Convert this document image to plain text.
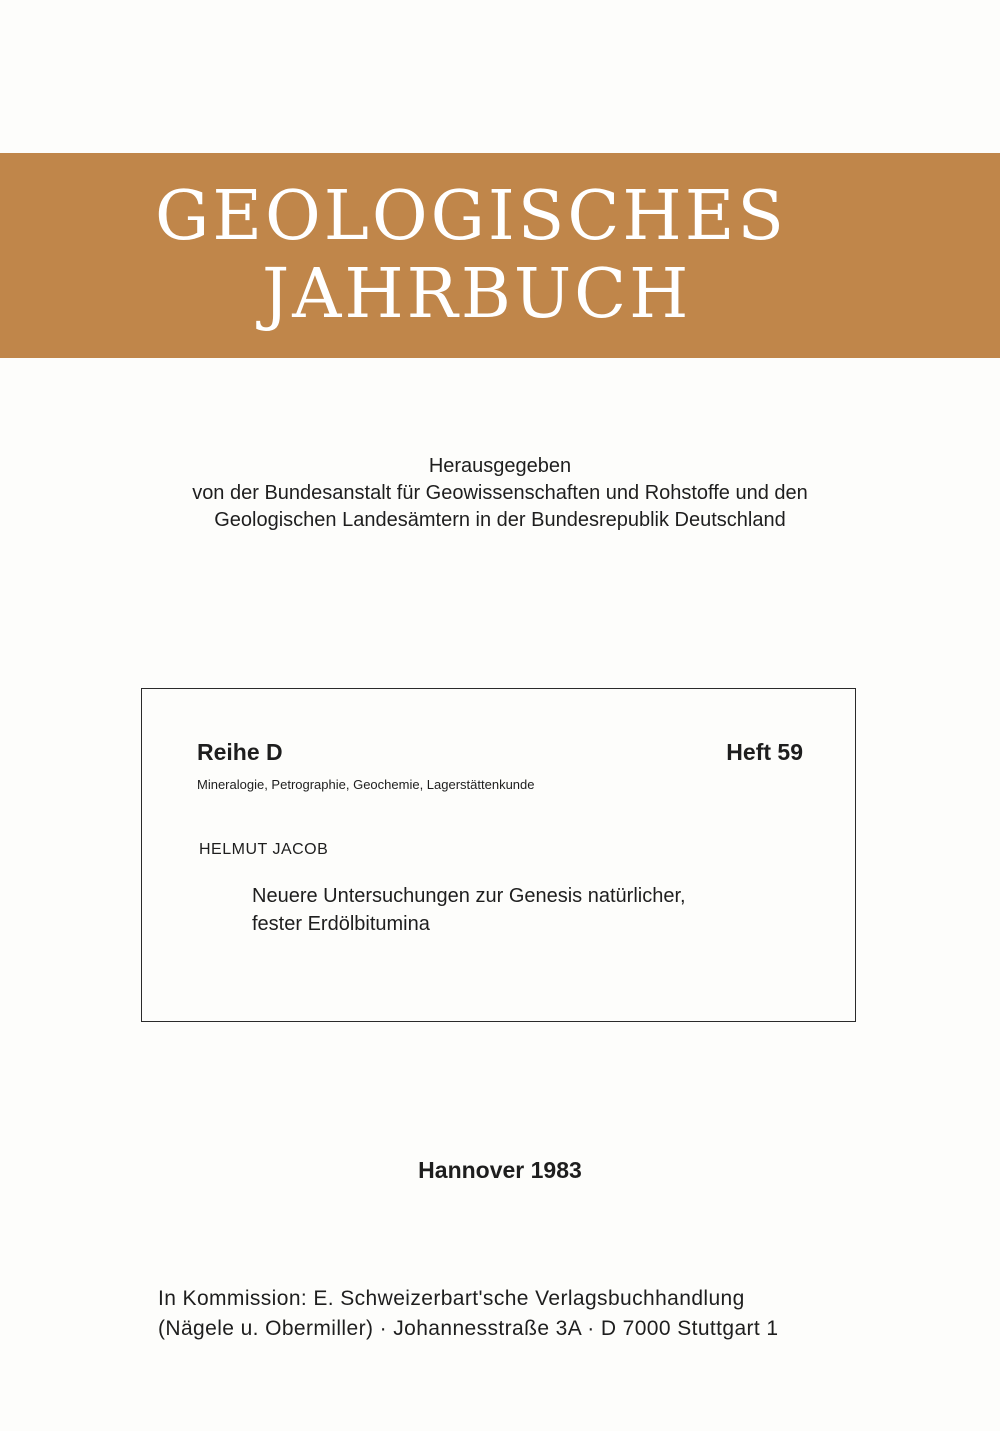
GEOLOGISCHES
JAHRBUCH
Herausgegeben
von der Bundesanstalt für Geowissenschaften und Rohstoffe und den
Geologischen Landesämtern in der Bundesrepublik Deutschland
Reihe D	Heft 59
Mineralogie, Petrographie, Geochemie, Lagerstättenkunde
HELMUT JACOB
Neuere Untersuchungen zur Genesis natürlicher,
fester Erdölbitumina
Hannover 1983
In Kommission: E. Schweizerbart'sche Verlagsbuchhandlung
(Nägele u. Obermiller) · Johannesstraße 3A · D 7000 Stuttgart 1
